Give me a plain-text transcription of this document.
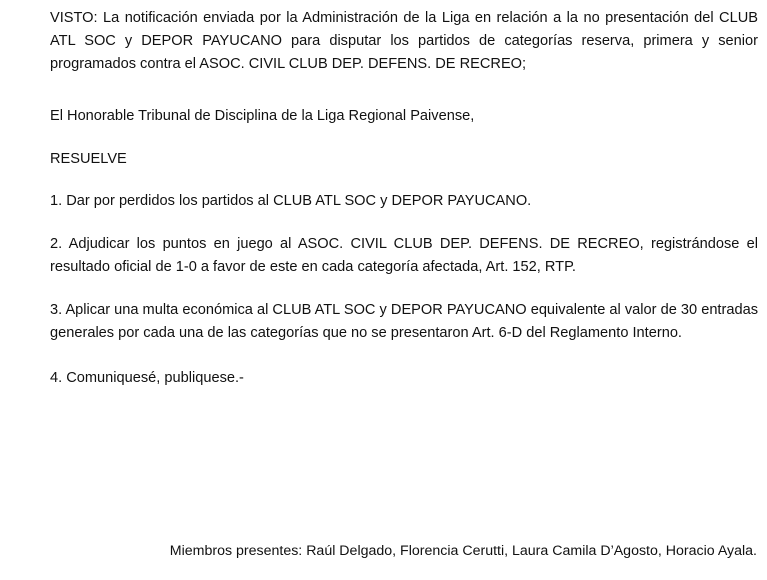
VISTO: La notificación enviada por la Administración de la Liga en relación a la no presentación del CLUB ATL SOC y DEPOR PAYUCANO para disputar los partidos de categorías reserva, primera y senior programados contra el ASOC. CIVIL CLUB DEP. DEFENS. DE RECREO;

El Honorable Tribunal de Disciplina de la Liga Regional Paivense,

RESUELVE

1. Dar por perdidos los partidos al CLUB ATL SOC y DEPOR PAYUCANO.

2. Adjudicar los puntos en juego al ASOC. CIVIL CLUB DEP. DEFENS. DE RECREO, registrándose el resultado oficial de 1-0 a favor de este en cada categoría afectada, Art. 152, RTP.

3. Aplicar una multa económica al CLUB ATL SOC y DEPOR PAYUCANO equivalente al valor de 30 entradas generales por cada una de las categorías que no se presentaron Art. 6-D del Reglamento Interno.

4. Comuniquesé, publiquese.-

Miembros presentes: Raúl Delgado, Florencia Cerutti, Laura Camila D’Agosto, Horacio Ayala.
